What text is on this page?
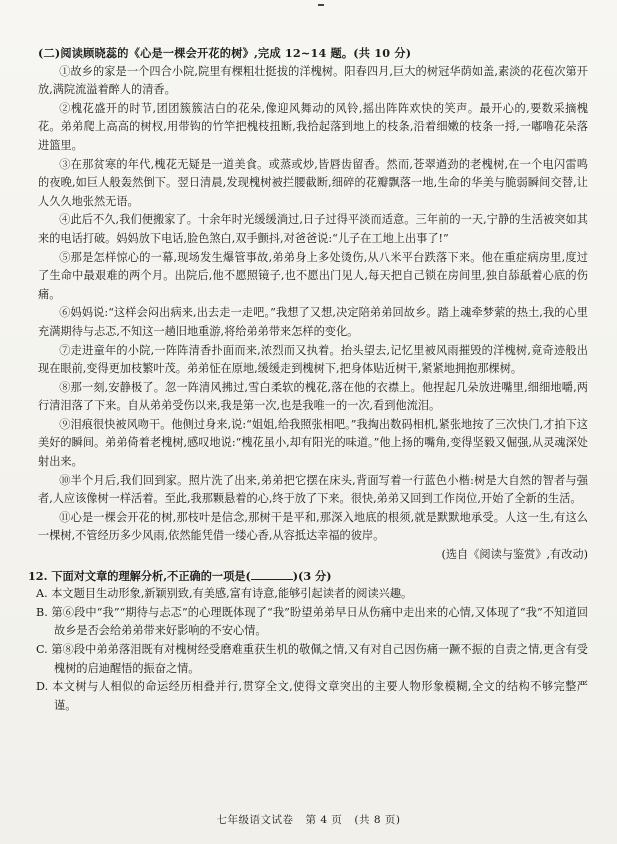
(二)阅读顾晓蕊的《心是一棵会开花的树》,完成 12~14 题。(共 10 分)

①故乡的家是一个四合小院,院里有棵粗壮挺拔的洋槐树。阳春四月,巨大的树冠华荫如盖,素淡的花苞次第开放,满院流溢着醉人的清香。

②槐花盛开的时节,团团簇簇洁白的花朵,像迎风舞动的风铃,摇出阵阵欢快的笑声。最开心的,要数采摘槐花。弟弟爬上高高的树杈,用带钩的竹竿把槐枝扭断,我拾起落到地上的枝条,沿着细嫩的枝条一捋,一嘟噜花朵落进篮里。

③在那贫寒的年代,槐花无疑是一道美食。或蒸或炒,皆唇齿留香。然而,苍翠遒劲的老槐树,在一个电闪雷鸣的夜晚,如巨人般轰然倒下。翌日清晨,发现槐树被拦腰截断,细碎的花瓣飘落一地,生命的华美与脆弱瞬间交替,让人久久地张然无语。

④此后不久,我们便搬家了。十余年时光缓缓淌过,日子过得平淡而适意。三年前的一天,宁静的生活被突如其来的电话打破。妈妈放下电话,脸色煞白,双手颤抖,对爸爸说:“儿子在工地上出事了!”

⑤那是怎样惊心的一幕,现场发生爆管事故,弟弟身上多处烫伤,从八米平台跌落下来。他在重症病房里,度过了生命中最艰难的两个月。出院后,他不愿照镜子,也不愿出门见人,每天把自己锁在房间里,独自舔舐着心底的伤痛。

⑥妈妈说:“这样会闷出病来,出去走一走吧。”我想了又想,决定陪弟弟回故乡。踏上魂牵梦萦的热土,我的心里充满期待与忐忑,不知这一趟旧地重游,将给弟弟带来怎样的变化。

⑦走进童年的小院,一阵阵清香扑面而来,浓烈而又执着。抬头望去,记忆里被风雨摧毁的洋槐树,竟奇迹般出现在眼前,变得更加枝繁叶茂。弟弟怔在原地,缓缓走到槐树下,把身体贴近树干,紧紧地拥抱那棵树。

⑧那一刻,安静极了。忽一阵清风拂过,雪白柔软的槐花,落在他的衣襟上。他捏起几朵放进嘴里,细细地嚼,两行清泪落了下来。自从弟弟受伤以来,我是第一次,也是我唯一的一次,看到他流泪。

⑨泪痕很快被风吻干。他侧过身来,说:“姐姐,给我照张相吧。”我掏出数码相机,紧张地按了三次快门,才拍下这美好的瞬间。弟弟倚着老槐树,感叹地说:“槐花虽小,却有阳光的味道。”他上扬的嘴角,变得坚毅又倔强,从灵魂深处射出来。

⑩半个月后,我们回到家。照片洗了出来,弟弟把它摆在床头,背面写着一行蓝色小楷:树是大自然的智者与强者,人应该像树一样活着。至此,我那颗悬着的心,终于放了下来。很快,弟弟又回到工作岗位,开始了全新的生活。

⑪心是一棵会开花的树,那枝叶是信念,那树干是平和,那深入地底的根须,就是默默地承受。人这一生,有这么一棵树,不管经历多少风雨,依然能凭借一缕心香,从容抵达幸福的彼岸。

(选自《阅读与鉴赏》,有改动)

12. 下面对文章的理解分析,不正确的一项是(	)(3 分)

A. 本文题目生动形象,新颖别致,有美感,富有诗意,能够引起读者的阅读兴趣。

B. 第⑥段中“我”“期待与忐忑”的心理既体现了“我”盼望弟弟早日从伤痛中走出来的心情,又体现了“我”不知道回故乡是否会给弟弟带来好影响的不安心情。

C. 第⑧段中弟弟落泪既有对槐树经受磨难重获生机的敬佩之情,又有对自己因伤痛一蹶不振的自责之情,更含有受槐树的启迪醒悟的振奋之情。

D. 本文树与人相似的命运经历相叠并行,贯穿全文,使得文章突出的主要人物形象模糊,全文的结构不够完整严谨。

七年级语文试卷 第 4 页 (共 8 页)
